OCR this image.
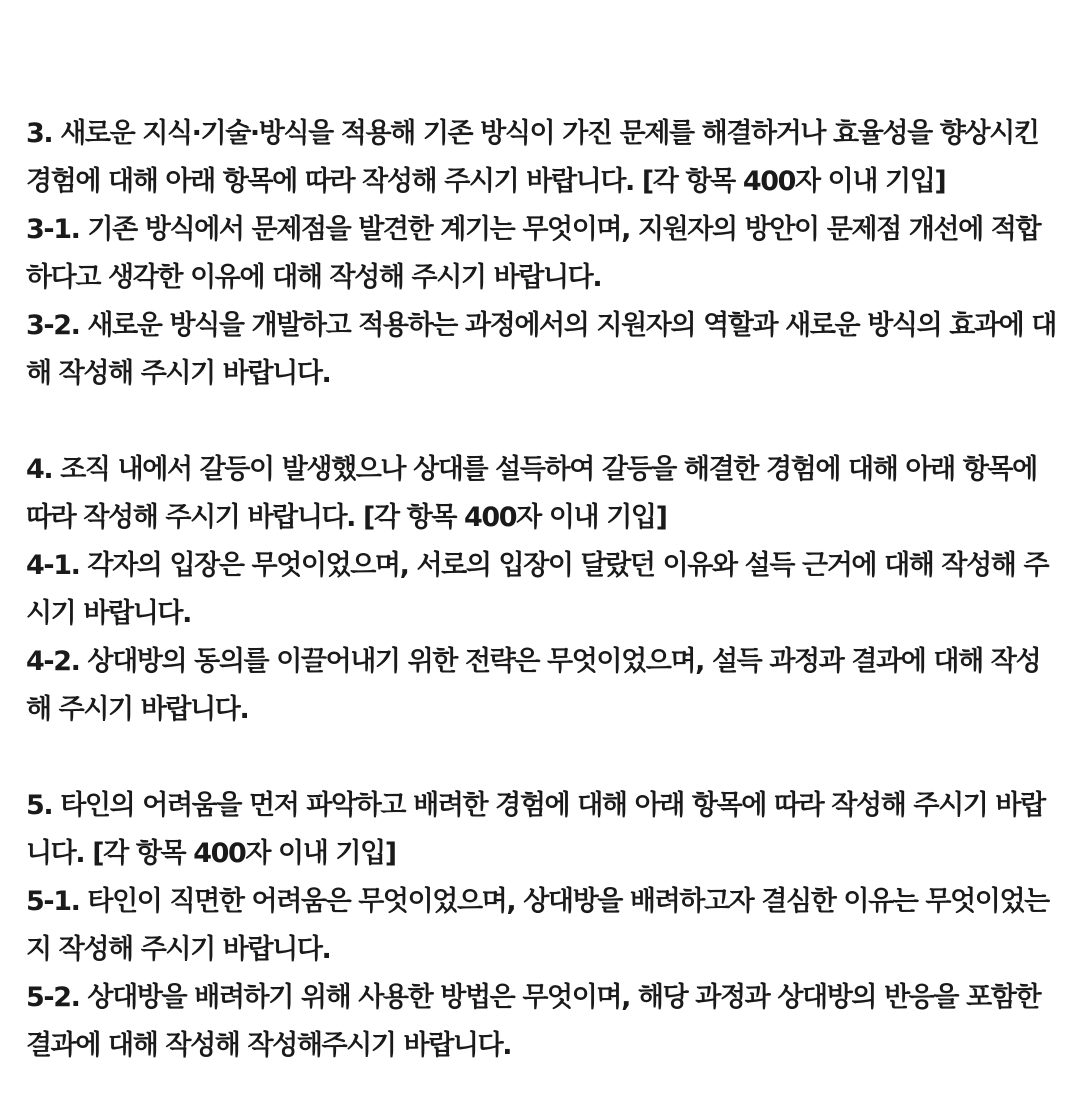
3. 새로운 지식·기술·방식을 적용해 기존 방식이 가진 문제를 해결하거나 효율성을 향상시킨 경험에 대해 아래 항목에 따라 작성해 주시기 바랍니다. [각 항목 400자 이내 기입]

3-1. 기존 방식에서 문제점을 발견한 계기는 무엇이며, 지원자의 방안이 문제점 개선에 적합하다고 생각한 이유에 대해 작성해 주시기 바랍니다.

3-2. 새로운 방식을 개발하고 적용하는 과정에서의 지원자의 역할과 새로운 방식의 효과에 대해 작성해 주시기 바랍니다.

4. 조직 내에서 갈등이 발생했으나 상대를 설득하여 갈등을 해결한 경험에 대해 아래 항목에 따라 작성해 주시기 바랍니다. [각 항목 400자 이내 기입]

4-1. 각자의 입장은 무엇이었으며, 서로의 입장이 달랐던 이유와 설득 근거에 대해 작성해 주시기 바랍니다.

4-2. 상대방의 동의를 이끌어내기 위한 전략은 무엇이었으며, 설득 과정과 결과에 대해 작성해 주시기 바랍니다.

5. 타인의 어려움을 먼저 파악하고 배려한 경험에 대해 아래 항목에 따라 작성해 주시기 바랍니다. [각 항목 400자 이내 기입]

5-1. 타인이 직면한 어려움은 무엇이었으며, 상대방을 배려하고자 결심한 이유는 무엇이었는지 작성해 주시기 바랍니다.

5-2. 상대방을 배려하기 위해 사용한 방법은 무엇이며, 해당 과정과 상대방의 반응을 포함한 결과에 대해 작성해 작성해주시기 바랍니다.
